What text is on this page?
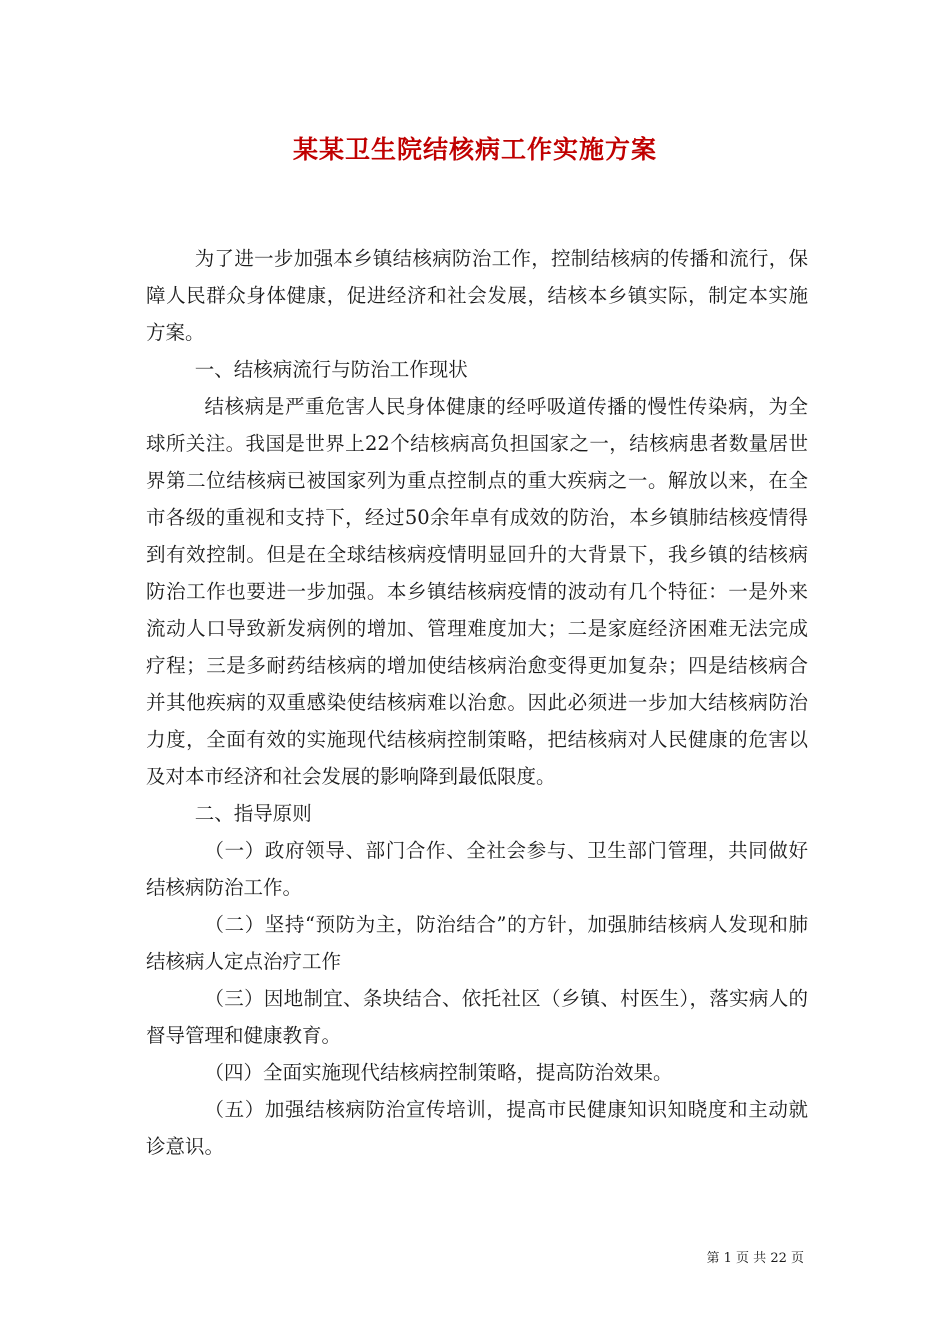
某某卫生院结核病工作实施方案

为了进一步加强本乡镇结核病防治工作，控制结核病的传播和流行，保障人民群众身体健康，促进经济和社会发展，结核本乡镇实际，制定本实施方案。

一、结核病流行与防治工作现状

结核病是严重危害人民身体健康的经呼吸道传播的慢性传染病，为全球所关注。我国是世界上22个结核病高负担国家之一，结核病患者数量居世界第二位结核病已被国家列为重点控制点的重大疾病之一。解放以来，在全市各级的重视和支持下，经过50余年卓有成效的防治，本乡镇肺结核疫情得到有效控制。但是在全球结核病疫情明显回升的大背景下，我乡镇的结核病防治工作也要进一步加强。本乡镇结核病疫情的波动有几个特征：一是外来流动人口导致新发病例的增加、管理难度加大；二是家庭经济困难无法完成疗程；三是多耐药结核病的增加使结核病治愈变得更加复杂；四是结核病合并其他疾病的双重感染使结核病难以治愈。因此必须进一步加大结核病防治力度，全面有效的实施现代结核病控制策略，把结核病对人民健康的危害以及对本市经济和社会发展的影响降到最低限度。

二、指导原则

（一）政府领导、部门合作、全社会参与、卫生部门管理，共同做好结核病防治工作。

（二）坚持“预防为主，防治结合”的方针，加强肺结核病人发现和肺结核病人定点治疗工作

（三）因地制宜、条块结合、依托社区（乡镇、村医生），落实病人的督导管理和健康教育。

（四）全面实施现代结核病控制策略，提高防治效果。

（五）加强结核病防治宣传培训，提高市民健康知识知晓度和主动就诊意识。

第 1 页 共 22 页
